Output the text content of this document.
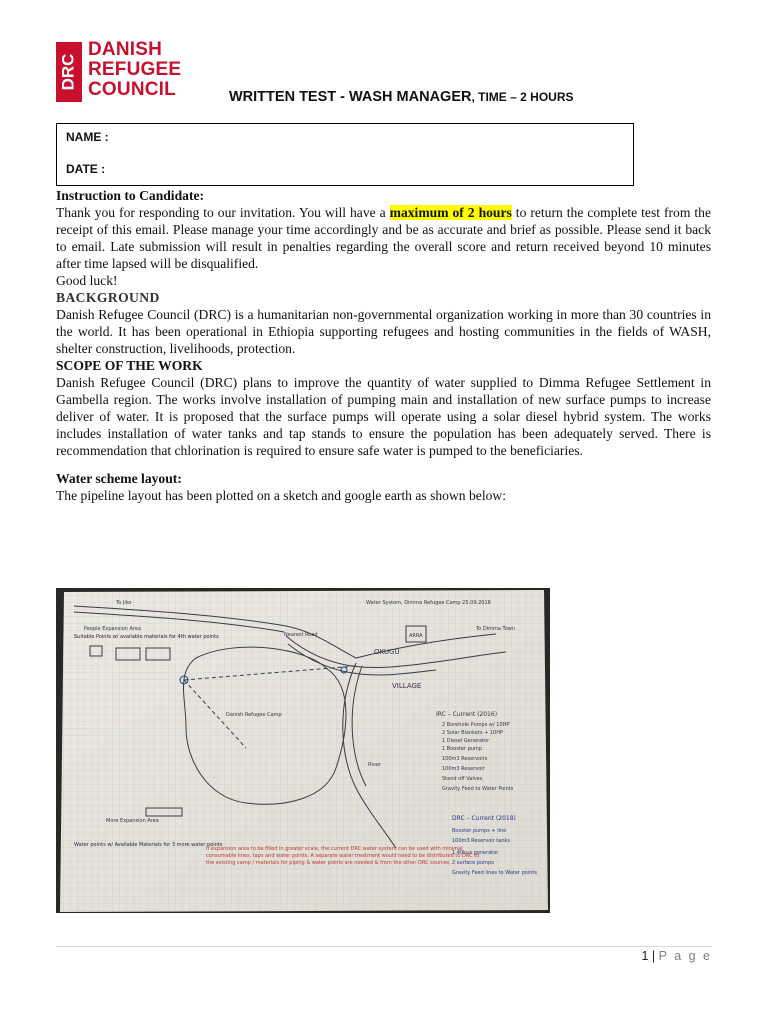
DRC
DANISH
REFUGEE
COUNCIL	WRITTEN TEST - WASH MANAGER, TIME – 2 HOURS
NAME :
DATE :

Instruction to Candidate:

Thank you for responding to our invitation. You will have a maximum of 2 hours to return the complete test from the receipt of this email. Please manage your time accordingly and be as accurate and brief as possible. Please send it back to email. Late submission will result in penalties regarding the overall score and return received beyond 10 minutes after time lapsed will be disqualified.

Good luck!

BACKGROUND

Danish Refugee Council (DRC) is a humanitarian non-governmental organization working in more than 30 countries in the world. It has been operational in Ethiopia supporting refugees and hosting communities in the fields of WASH, shelter construction, livelihoods, protection.

SCOPE OF THE WORK

Danish Refugee Council (DRC) plans to improve the quantity of water supplied to Dimma Refugee Settlement in Gambella region. The works involve installation of pumping main and installation of new surface pumps to increase deliver of water. It is proposed that the surface pumps will operate using a solar diesel hybrid system. The works includes installation of water tanks and tap stands to ensure the population has been adequately served. There is recommendation that chlorination is required to ensure safe water is pumped to the beneficiaries.

Water scheme layout:

The pipeline layout has been plotted on a sketch and google earth as shown below:

Water System, Dimma Refugee Camp 25.09.2018
To Jiko
People Expansion Area
Nearest Road	ARRA
To Dimma Town
OKUGU
VILLAGE
Danish Refugee Camp
River
More Expansion Area
IRC – Current (2016)
2 Borehole Pumps w/ 10HP
2 Solar Blankets + 10HP
1 Diesel Generator
1 Booster pump
100m3 Reservoirs
100m3 Reservoir
Stand off Valves
Gravity Feed to Water Points
DRC – Current (2018)
Booster pumps + line
100m3 Reservoir tanks
1 40kva generator
2 surface pumps
Gravity Feed lines to Water points
Suitable Points w/ available materials for 4th water points
Water points w/ Available Materials for 3 more water points
If expansion area to be filled in greater scale, the current DRC water system can be used with minimal consumable lines, taps and water points. A separate water treatment would need to be distributed to DRC to the existing camp / materials for piping & water points are needed & from the other DRC sources.
1 | P a g e
